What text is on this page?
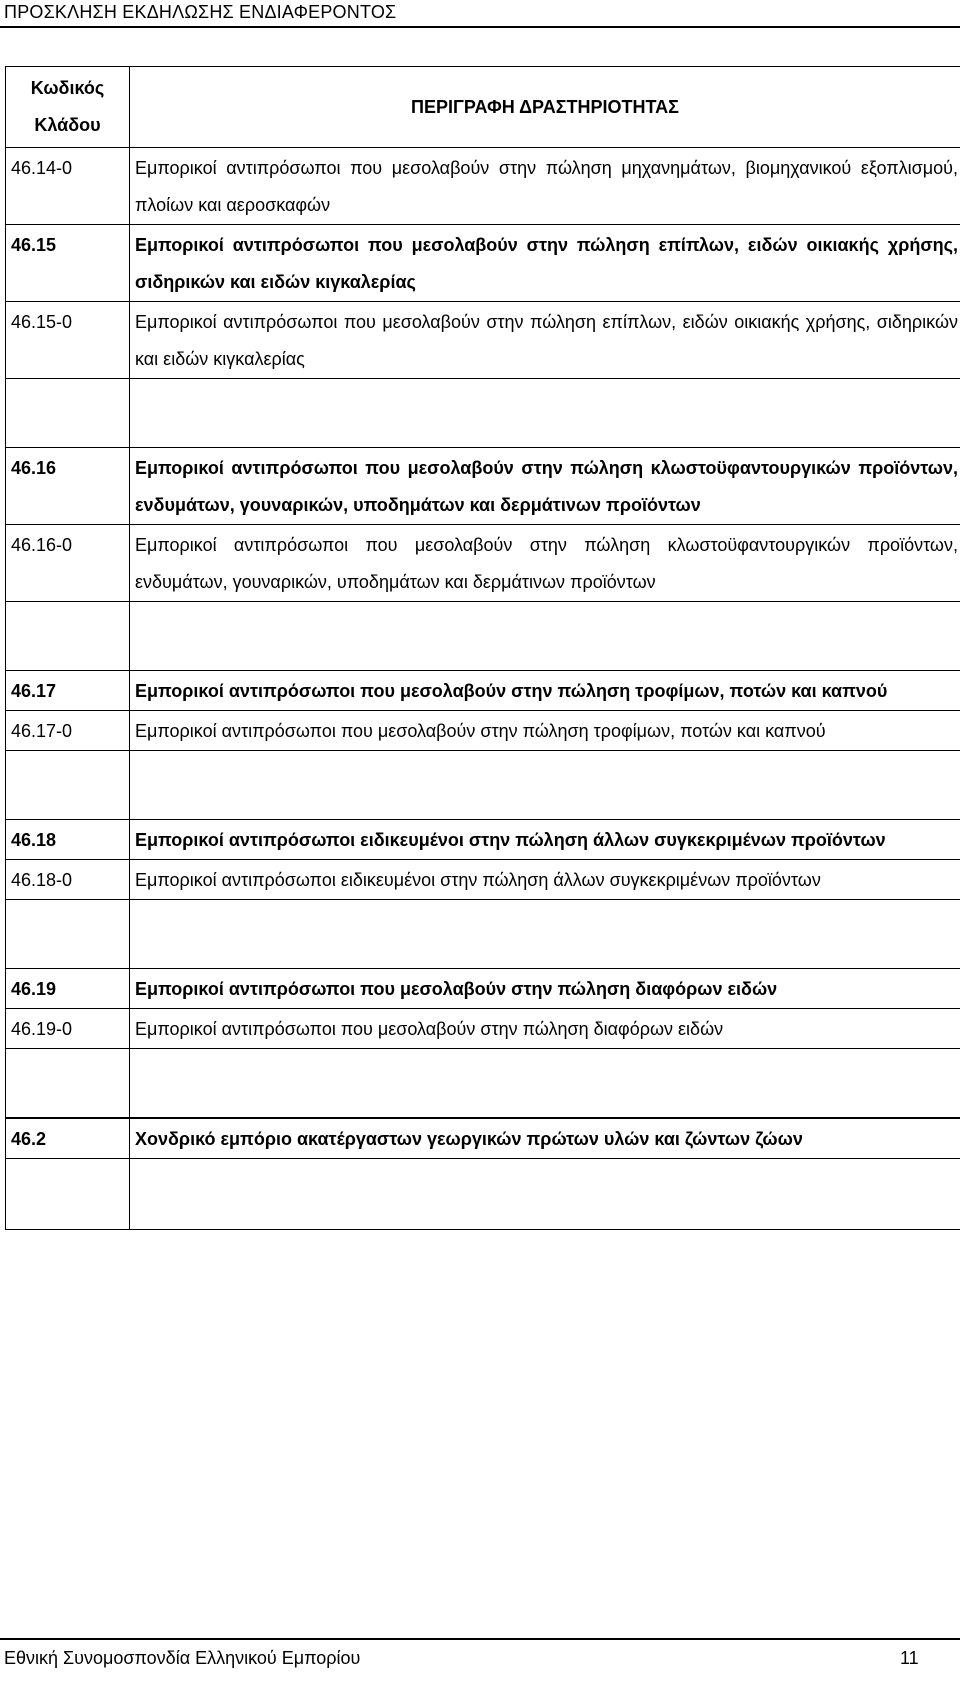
ΠΡΟΣΚΛΗΣΗ ΕΚΔΗΛΩΣΗΣ ΕΝΔΙΑΦΕΡΟΝΤΟΣ
Κωδικός
Κλάδου	ΠΕΡΙΓΡΑΦΗ ΔΡΑΣΤΗΡΙΟΤΗΤΑΣ
46.14-0	Εμπορικοί αντιπρόσωποι που μεσολαβούν στην πώληση μηχανημάτων, βιομηχανικού εξοπλισμού, πλοίων και αεροσκαφών
46.15	Εμπορικοί αντιπρόσωποι που μεσολαβούν στην πώληση επίπλων, ειδών οικιακής χρήσης, σιδηρικών και ειδών κιγκαλερίας
46.15-0	Εμπορικοί αντιπρόσωποι που μεσολαβούν στην πώληση επίπλων, ειδών οικιακής χρήσης, σιδηρικών και ειδών κιγκαλερίας

46.16	Εμπορικοί αντιπρόσωποι που μεσολαβούν στην πώληση κλωστοϋφαντουργικών προϊόντων, ενδυμάτων, γουναρικών, υποδημάτων και δερμάτινων προϊόντων
46.16-0	Εμπορικοί αντιπρόσωποι που μεσολαβούν στην πώληση κλωστοϋφαντουργικών προϊόντων, ενδυμάτων, γουναρικών, υποδημάτων και δερμάτινων προϊόντων

46.17	Εμπορικοί αντιπρόσωποι που μεσολαβούν στην πώληση τροφίμων, ποτών και καπνού
46.17-0	Εμπορικοί αντιπρόσωποι που μεσολαβούν στην πώληση τροφίμων, ποτών και καπνού

46.18	Εμπορικοί αντιπρόσωποι ειδικευμένοι στην πώληση άλλων συγκεκριμένων προϊόντων
46.18-0	Εμπορικοί αντιπρόσωποι ειδικευμένοι στην πώληση άλλων συγκεκριμένων προϊόντων

46.19	Εμπορικοί αντιπρόσωποι που μεσολαβούν στην πώληση διαφόρων ειδών
46.19-0	Εμπορικοί αντιπρόσωποι που μεσολαβούν στην πώληση διαφόρων ειδών

46.2	Χονδρικό εμπόριο ακατέργαστων γεωργικών πρώτων υλών και ζώντων ζώων

Εθνική Συνομοσπονδία Ελληνικού Εμπορίου	11
